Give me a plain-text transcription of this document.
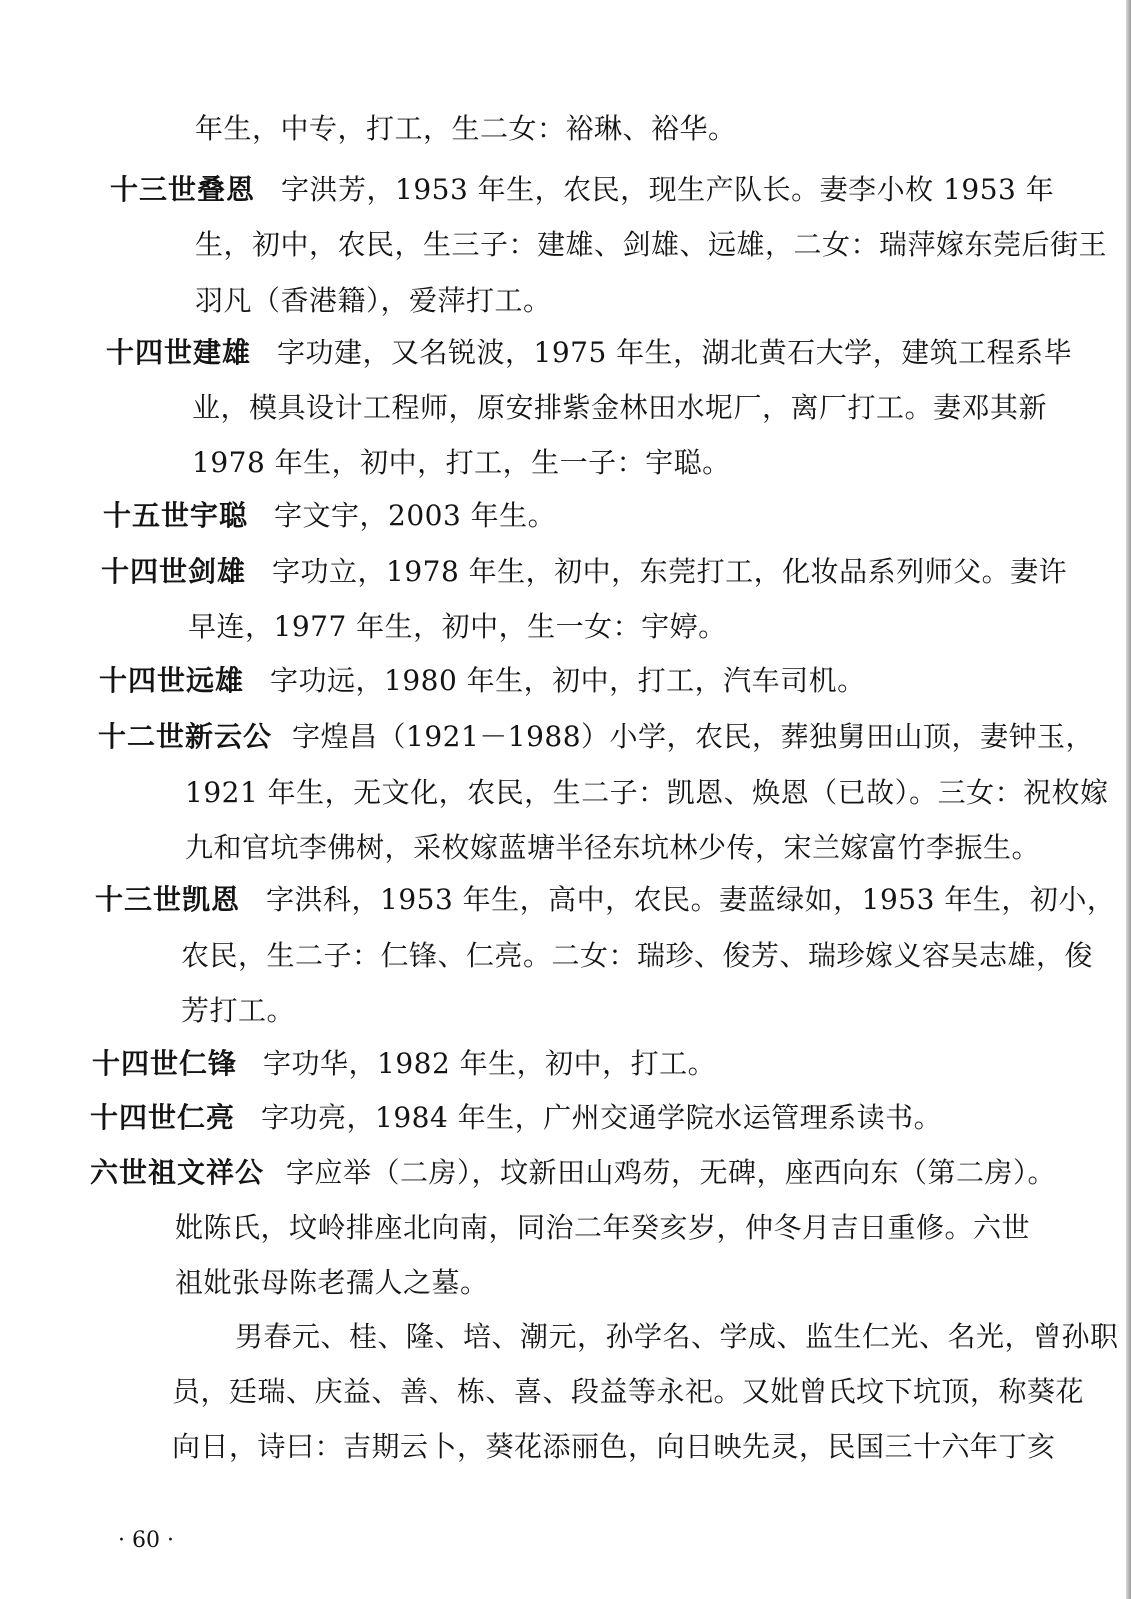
年生，中专，打工，生二女：裕琳、裕华。
十三世叠恩 字洪芳，1953 年生，农民，现生产队长。妻李小枚 1953 年
生，初中，农民，生三子：建雄、剑雄、远雄，二女：瑞萍嫁东莞后街王
羽凡（香港籍），爱萍打工。
十四世建雄 字功建，又名锐波，1975 年生，湖北黄石大学，建筑工程系毕
业，模具设计工程师，原安排紫金林田水坭厂，离厂打工。妻邓其新
1978 年生，初中，打工，生一子：宇聪。
十五世宇聪 字文宇，2003 年生。
十四世剑雄 字功立，1978 年生，初中，东莞打工，化妆品系列师父。妻许
早连，1977 年生，初中，生一女：宇婷。
十四世远雄 字功远，1980 年生，初中，打工，汽车司机。
十二世新云公 字煌昌（1921－1988）小学，农民，葬独舅田山顶，妻钟玉，
1921 年生，无文化，农民，生二子：凯恩、焕恩（已故）。三女：祝枚嫁
九和官坑李佛树，采枚嫁蓝塘半径东坑林少传，宋兰嫁富竹李振生。
十三世凯恩 字洪科，1953 年生，高中，农民。妻蓝绿如，1953 年生，初小，
农民，生二子：仁锋、仁亮。二女：瑞珍、俊芳、瑞珍嫁义容吴志雄，俊
芳打工。
十四世仁锋 字功华，1982 年生，初中，打工。
十四世仁亮 字功亮，1984 年生，广州交通学院水运管理系读书。
六世祖文祥公 字应举（二房），坟新田山鸡芴，无碑，座西向东（第二房）。
妣陈氏，坟岭排座北向南，同治二年癸亥岁，仲冬月吉日重修。六世
祖妣张母陈老孺人之墓。
男春元、桂、隆、培、潮元，孙学名、学成、监生仁光、名光，曾孙职
员，廷瑞、庆益、善、栋、喜、段益等永祀。又妣曾氏坟下坑顶，称葵花
向日，诗曰：吉期云卜，葵花添丽色，向日映先灵，民国三十六年丁亥
· 60 ·
